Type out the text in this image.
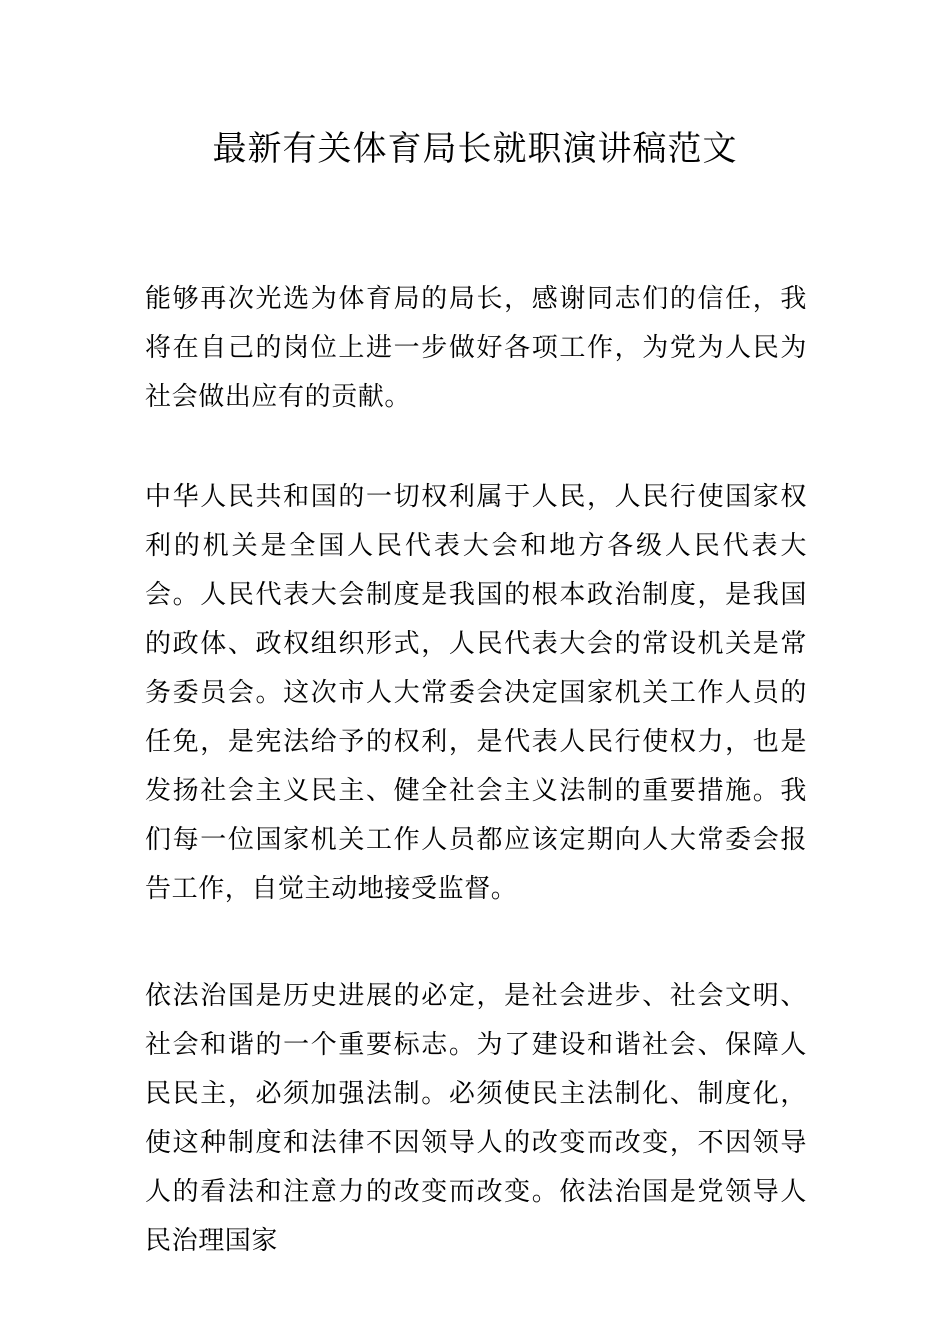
最新有关体育局长就职演讲稿范文

能够再次光选为体育局的局长，感谢同志们的信任，我将在自己的岗位上进一步做好各项工作，为党为人民为社会做出应有的贡献。

中华人民共和国的一切权利属于人民，人民行使国家权利的机关是全国人民代表大会和地方各级人民代表大会。人民代表大会制度是我国的根本政治制度，是我国的政体、政权组织形式，人民代表大会的常设机关是常务委员会。这次市人大常委会决定国家机关工作人员的任免，是宪法给予的权利，是代表人民行使权力，也是发扬社会主义民主、健全社会主义法制的重要措施。我们每一位国家机关工作人员都应该定期向人大常委会报告工作，自觉主动地接受监督。

依法治国是历史进展的必定，是社会进步、社会文明、社会和谐的一个重要标志。为了建设和谐社会、保障人民民主，必须加强法制。必须使民主法制化、制度化，使这种制度和法律不因领导人的改变而改变，不因领导人的看法和注意力的改变而改变。依法治国是党领导人民治理国家
